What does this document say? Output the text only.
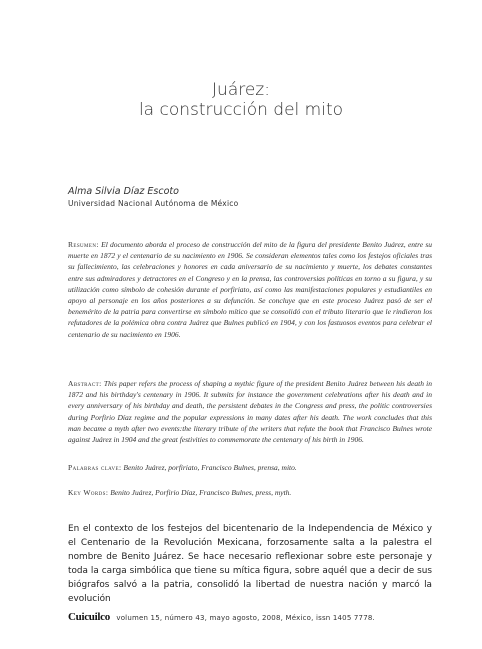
Juárez:
la construcción del mito
Alma Silvia Díaz Escoto
Universidad Nacional Autónoma de México
Resumen: El documento aborda el proceso de construcción del mito de la figura del presidente Benito Juárez, entre su muerte en 1872 y el centenario de su nacimiento en 1906. Se consideran elementos tales como los festejos oficiales tras su fallecimiento, las celebraciones y honores en cada aniversario de su nacimiento y muerte, los debates constantes entre sus admiradores y detractores en el Congreso y en la prensa, las controversias políticas en torno a su figura, y su utilización como símbolo de cohesión durante el porfiriato, así como las manifestaciones populares y estudiantiles en apoyo al personaje en los años posteriores a su defunción. Se concluye que en este proceso Juárez pasó de ser el benemérito de la patria para convertirse en símbolo mítico que se consolidó con el tributo literario que le rindieron los refutadores de la polémica obra contra Juárez que Bulnes publicó en 1904, y con los fastuosos eventos para celebrar el centenario de su nacimiento en 1906.
Abstract: This paper refers the process of shaping a mythic figure of the president Benito Juárez between his death in 1872 and his birthday's centenary in 1906. It submits for instance the government celebrations after his death and in every anniversary of his birthday and death, the persistent debates in the Congress and press, the politic controversies during Porfirio Díaz regime and the popular expressions in many dates after his death. The work concludes that this man became a myth after two events:the literary tribute of the writers that refute the book that Francisco Bulnes wrote against Juárez in 1904 and the great festivities to commemorate the centenary of his birth in 1906.
Palabras clave: Benito Juárez, porfiriato, Francisco Bulnes, prensa, mito.
Key Words: Benito Juárez, Porfirio Díaz, Francisco Bulnes, press, myth.
En el contexto de los festejos del bicentenario de la Independencia de México y el Centenario de la Revolución Mexicana, forzosamente salta a la palestra el nombre de Benito Juárez. Se hace necesario reflexionar sobre este personaje y toda la carga simbólica que tiene su mítica figura, sobre aquél que a decir de sus biógrafos salvó a la patria, consolidó la libertad de nuestra nación y marcó la evolución
Cuicuilco volumen 15, número 43, mayo agosto, 2008, México, issn 1405 7778.
